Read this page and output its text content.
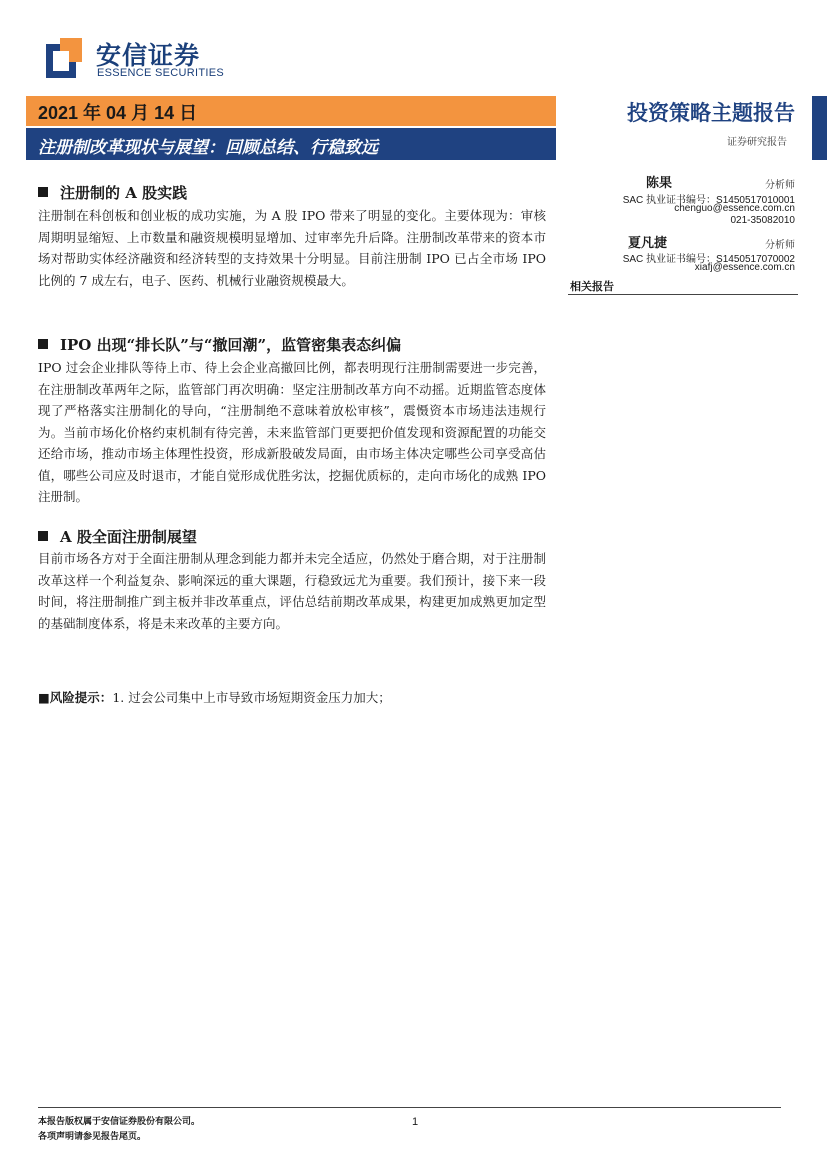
安信证券
ESSENCE SECURITIES
2021 年 04 月 14 日
注册制改革现状与展望：回顾总结、行稳致远
投资策略主题报告
证券研究报告
注册制的 A 股实践
注册制在科创板和创业板的成功实施，为 A 股 IPO 带来了明显的变化。主要体现为：审核周期明显缩短、上市数量和融资规模明显增加、过审率先升后降。注册制改革带来的资本市场对帮助实体经济融资和经济转型的支持效果十分明显。目前注册制 IPO 已占全市场 IPO 比例的 7 成左右，电子、医药、机械行业融资规模最大。
IPO 出现“排长队”与“撤回潮”，监管密集表态纠偏
IPO 过会企业排队等待上市、待上会企业高撤回比例，都表明现行注册制需要进一步完善，在注册制改革两年之际，监管部门再次明确：坚定注册制改革方向不动摇。近期监管态度体现了严格落实注册制化的导向，“注册制绝不意味着放松审核”，震慑资本市场违法违规行为。当前市场化价格约束机制有待完善，未来监管部门更要把价值发现和资源配置的功能交还给市场，推动市场主体理性投资，形成新股破发局面，由市场主体决定哪些公司享受高估值，哪些公司应及时退市，才能自觉形成优胜劣汰，挖掘优质标的，走向市场化的成熟 IPO 注册制。
A 股全面注册制展望
目前市场各方对于全面注册制从理念到能力都并未完全适应，仍然处于磨合期，对于注册制改革这样一个利益复杂、影响深远的重大课题，行稳致远尤为重要。我们预计，接下来一段时间，将注册制推广到主板并非改革重点，评估总结前期改革成果，构建更加成熟更加定型的基础制度体系，将是未来改革的主要方向。
■风险提示：1. 过会公司集中上市导致市场短期资金压力加大；
陈果	分析师
SAC 执业证书编号：S1450517010001
chenguo@essence.com.cn
021-35082010
夏凡捷	分析师
SAC 执业证书编号：S1450517070002
xiafj@essence.com.cn
相关报告
本报告版权属于安信证券股份有限公司。
各项声明请参见报告尾页。
1
